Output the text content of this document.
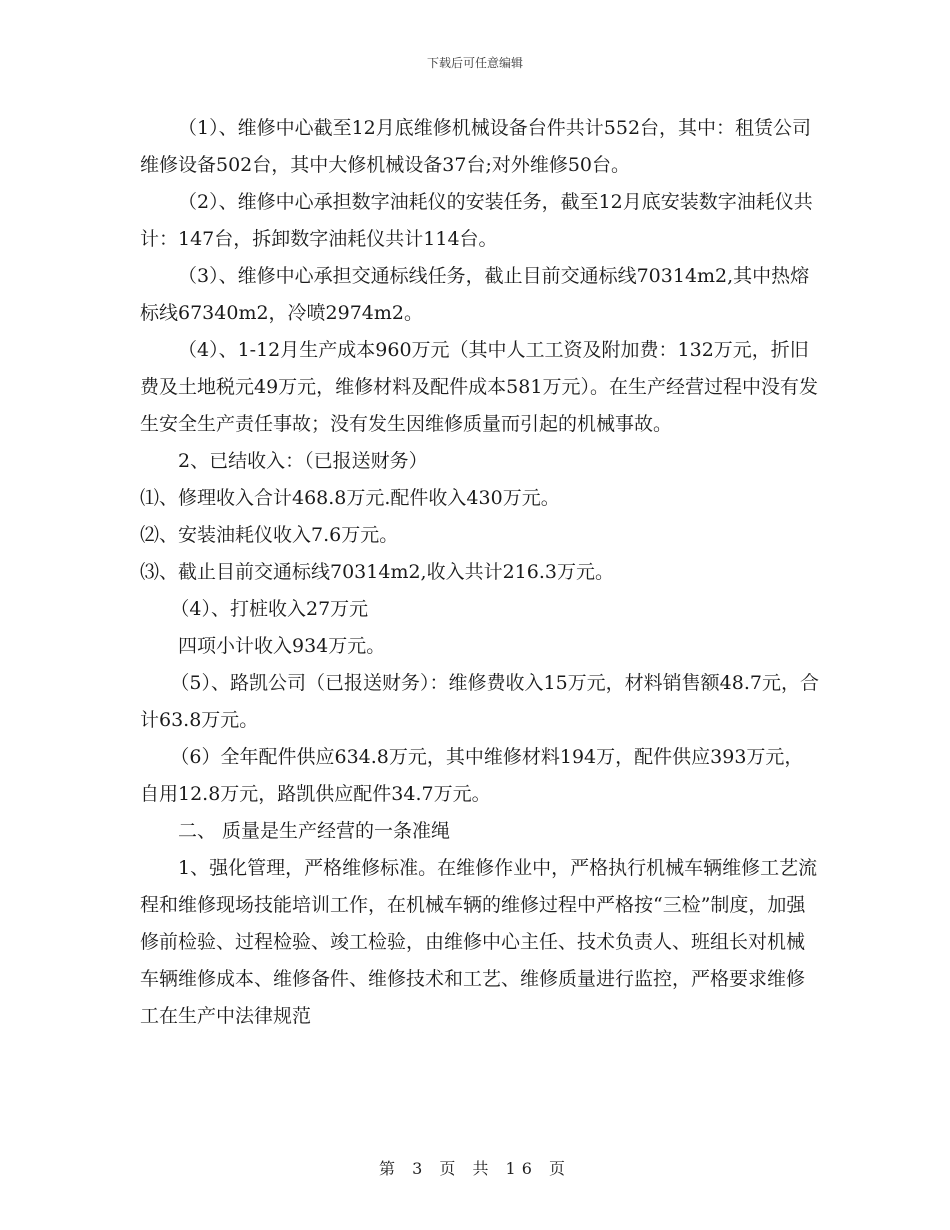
下载后可任意编辑

（1）、维修中心截至12月底维修机械设备台件共计552台，其中：租赁公司维修设备502台，其中大修机械设备37台;对外维修50台。

（2）、维修中心承担数字油耗仪的安装任务，截至12月底安装数字油耗仪共计：147台，拆卸数字油耗仪共计114台。

（3）、维修中心承担交通标线任务，截止目前交通标线70314m2,其中热熔标线67340m2，冷喷2974m2。

（4）、1-12月生产成本960万元（其中人工工资及附加费：132万元，折旧费及土地税元49万元，维修材料及配件成本581万元）。在生产经营过程中没有发生安全生产责任事故；没有发生因维修质量而引起的机械事故。

2、已结收入：（已报送财务）

⑴、修理收入合计468.8万元.配件收入430万元。

⑵、安装油耗仪收入7.6万元。

⑶、截止目前交通标线70314m2,收入共计216.3万元。

（4）、打桩收入27万元

四项小计收入934万元。

（5）、路凯公司（已报送财务）：维修费收入15万元，材料销售额48.7元，合计63.8万元。

（6）全年配件供应634.8万元，其中维修材料194万，配件供应393万元，自用12.8万元，路凯供应配件34.7万元。

二、 质量是生产经营的一条准绳

1、强化管理，严格维修标准。在维修作业中，严格执行机械车辆维修工艺流程和维修现场技能培训工作，在机械车辆的维修过程中严格按“三检”制度，加强修前检验、过程检验、竣工检验，由维修中心主任、技术负责人、班组长对机械车辆维修成本、维修备件、维修技术和工艺、维修质量进行监控，严格要求维修工在生产中法律规范

第 3 页 共 16 页
